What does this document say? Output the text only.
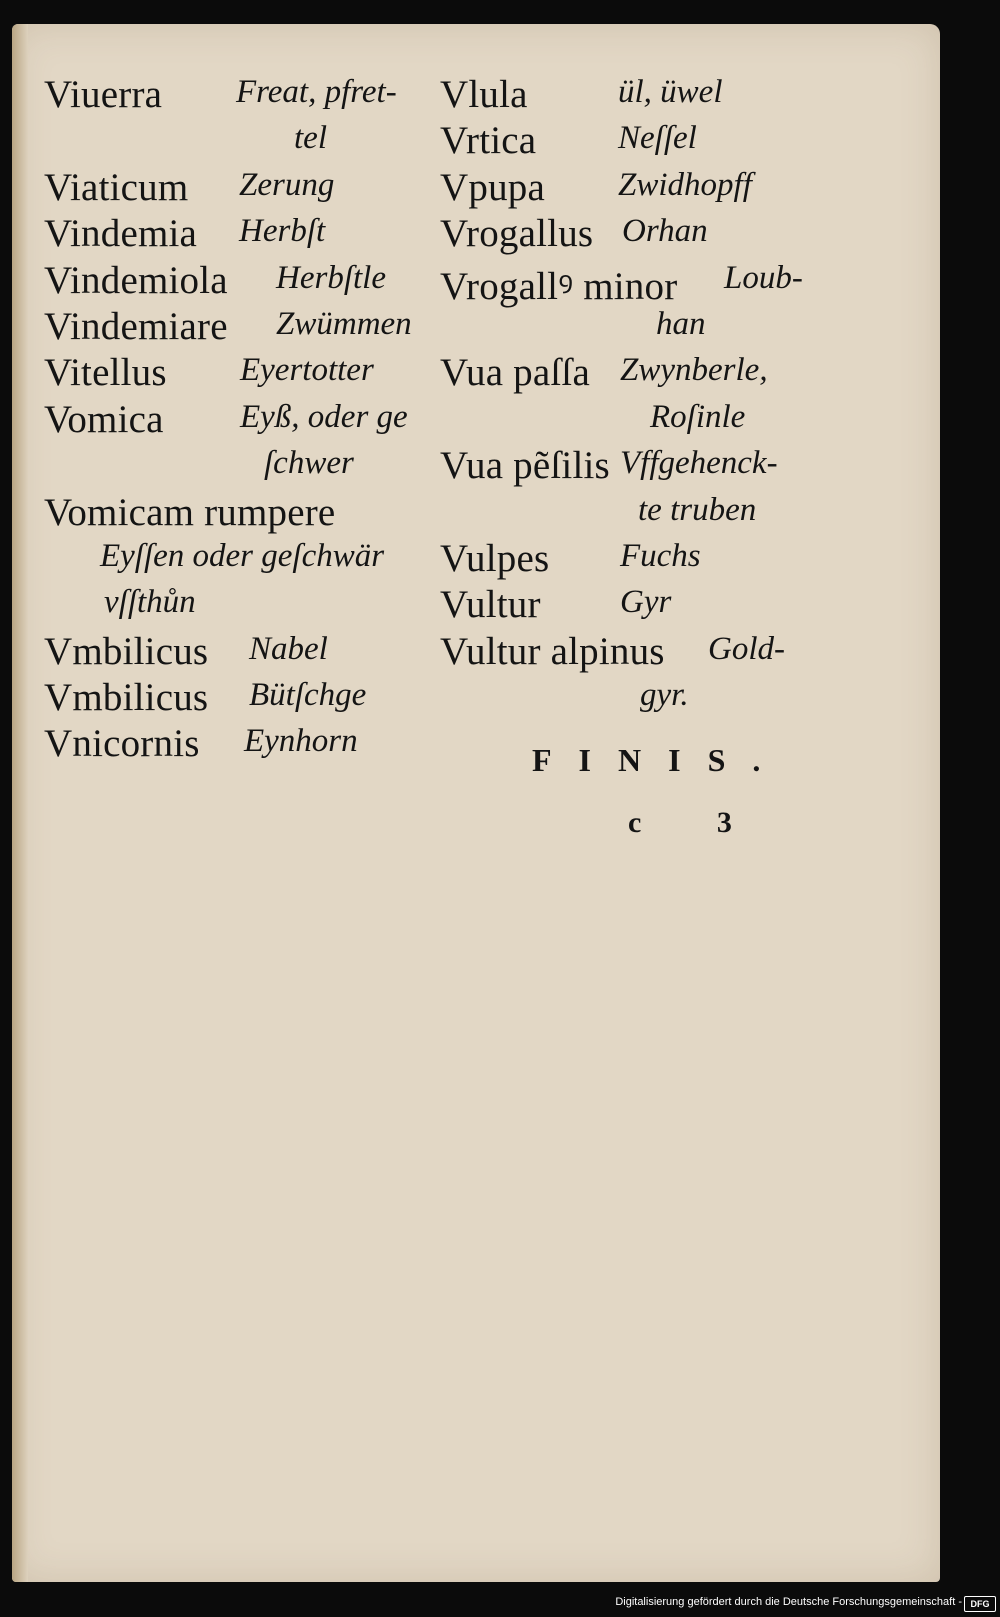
Viuerra Freat, pfret-
tel
Viaticum Zerung
Vindemia Herbſt
Vindemiola Herbſtle
Vindemiare Zwümmen
Vitellus Eyertotter
Vomica Eyß, oder ge
ſchwer
Vomicam rumpere
Eyſſen oder geſchwär
vſſthůn
Vmbilicus Nabel
Vmbilicus Bütſchge
Vnicornis Eynhorn
Vlula	ül, üwel
Vrtica Neſſel
Vpupa Zwidhopff
Vrogallus Orhan
Vrogallꝰ minor Loub-
han
Vua paſſa Zwynberle,
Roſinle
Vua pẽſilis Vffgehenck-
te truben
Vulpes Fuchs
Vultur Gyr
Vultur alpinus Gold-
gyr.
FINIS.
c 3
Digitalisierung gefördert durch die Deutsche Forschungsgemeinschaft - DFG
